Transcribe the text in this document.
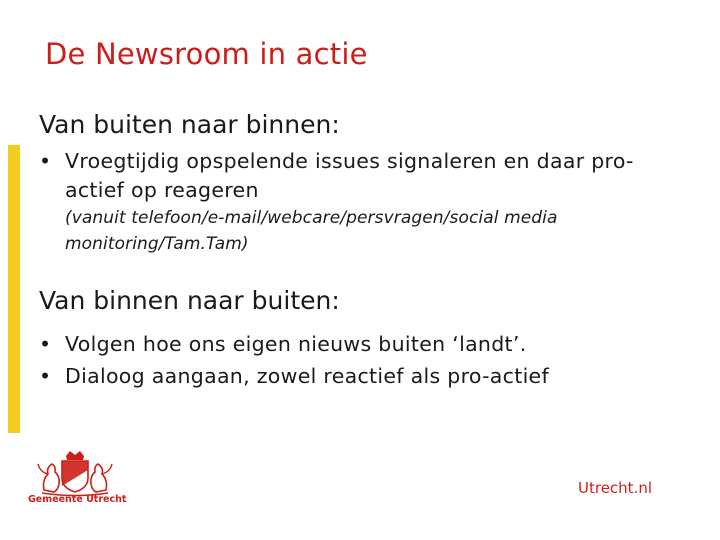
De Newsroom in actie
Van buiten naar binnen:
• Vroegtijdig opspelende issues signaleren en daar pro-actief op reageren
(vanuit telefoon/e-mail/webcare/persvragen/social media monitoring/Tam.Tam)
Van binnen naar buiten:
• Volgen hoe ons eigen nieuws buiten ‘landt’.
• Dialoog aangaan, zowel reactief als pro-actief
Gemeente Utrecht
Utrecht.nl
